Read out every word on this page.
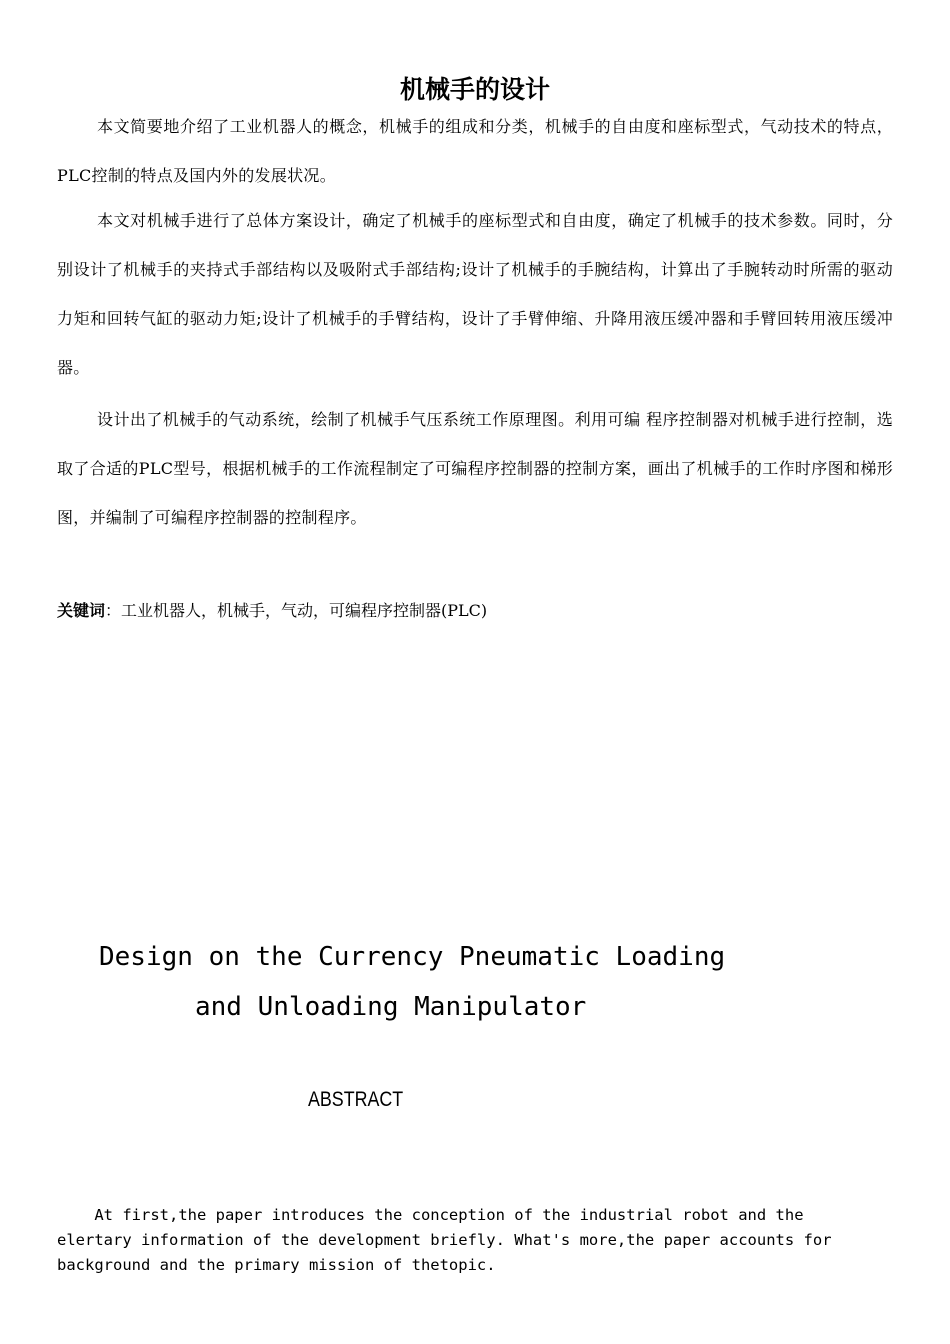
机械手的设计
本文简要地介绍了工业机器人的概念，机械手的组成和分类，机械手的自由度和座标型式，气动技术的特点，PLC控制的特点及国内外的发展状况。
本文对机械手进行了总体方案设计，确定了机械手的座标型式和自由度，确定了机械手的技术参数。同时，分别设计了机械手的夹持式手部结构以及吸附式手部结构;设计了机械手的手腕结构，计算出了手腕转动时所需的驱动力矩和回转气缸的驱动力矩;设计了机械手的手臂结构，设计了手臂伸缩、升降用液压缓冲器和手臂回转用液压缓冲器。
设计出了机械手的气动系统，绘制了机械手气压系统工作原理图。利用可编 程序控制器对机械手进行控制，选取了合适的PLC型号，根据机械手的工作流程制定了可编程序控制器的控制方案，画出了机械手的工作时序图和梯形图，并编制了可编程序控制器的控制程序。
关键词：工业机器人，机械手，气动，可编程序控制器(PLC)
Design on the Currency Pneumatic Loading
and Unloading Manipulator
ABSTRACT
At first,the paper introduces the conception of the industrial robot and the
elertary information of the development briefly. What's more,the paper accounts for
background and the primary mission of thetopic.
